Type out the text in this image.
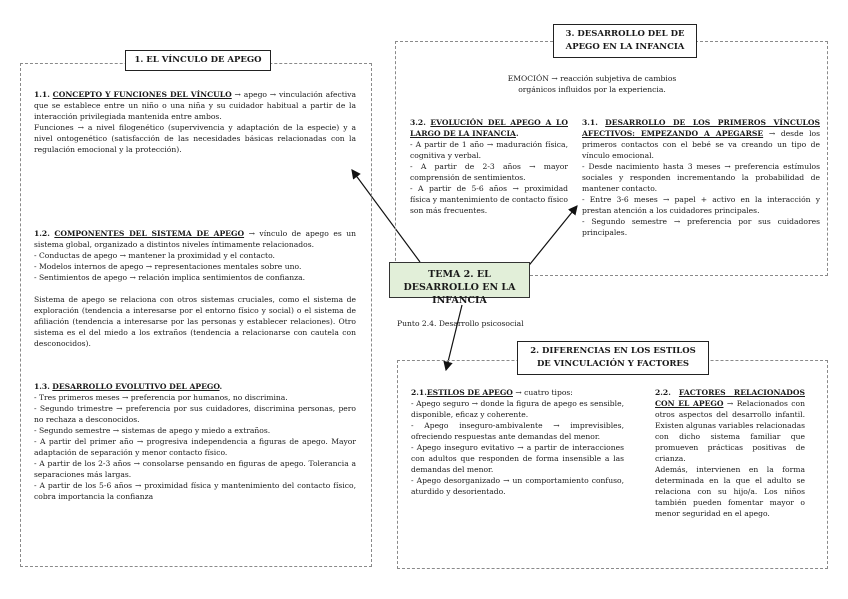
1. EL VÍNCULO DE APEGO

1.1. CONCEPTO Y FUNCIONES DEL VÍNCULO → apego → vinculación afectiva que se establece entre un niño o una niña y su cuidador habitual a partir de la interacción privilegiada mantenida entre ambos.

Funciones → a nivel filogenético (supervivencia y adaptación de la especie) y a nivel ontogenético (satisfacción de las necesidades básicas relacionadas con la regulación emocional y la protección).

1.2. COMPONENTES DEL SISTEMA DE APEGO → vínculo de apego es un sistema global, organizado a distintos niveles íntimamente relacionados.

- Conductas de apego → mantener la proximidad y el contacto.

- Modelos internos de apego → representaciones mentales sobre uno.

- Sentimientos de apego → relación implica sentimientos de confianza.

Sistema de apego se relaciona con otros sistemas cruciales, como el sistema de exploración (tendencia a interesarse por el entorno físico y social) o el sistema de afiliación (tendencia a interesarse por las personas y establecer relaciones). Otro sistema es el del miedo a los extraños (tendencia a relacionarse con cautela con desconocidos).

1.3. DESARROLLO EVOLUTIVO DEL APEGO.

- Tres primeros meses → preferencia por humanos, no discrimina.

- Segundo trimestre → preferencia por sus cuidadores, discrimina personas, pero no rechaza a desconocidos.

- Segundo semestre → sistemas de apego y miedo a extraños.

- A partir del primer año → progresiva independencia a figuras de apego. Mayor adaptación de separación y menor contacto físico.

- A partir de los 2-3 años → consolarse pensando en figuras de apego. Tolerancia a separaciones más largas.

- A partir de los 5-6 años → proximidad física y mantenimiento del contacto físico, cobra importancia la confianza

3. DESARROLLO DEL DE APEGO EN LA INFANCIA
EMOCIÓN → reacción subjetiva de cambios orgánicos influidos por la experiencia.

3.2. EVOLUCIÓN DEL APEGO A LO LARGO DE LA INFANCIA.

- A partir de 1 año → maduración física, cognitiva y verbal.

- A partir de 2-3 años → mayor comprensión de sentimientos.

- A partir de 5-6 años → proximidad física y mantenimiento de contacto físico son más frecuentes.

3.1. DESARROLLO DE LOS PRIMEROS VÍNCULOS AFECTIVOS: EMPEZANDO A APEGARSE → desde los primeros contactos con el bebé se va creando un tipo de vínculo emocional.

- Desde nacimiento hasta 3 meses → preferencia estímulos sociales y responden incrementando la probabilidad de mantener contacto.

- Entre 3-6 meses → papel + activo en la interacción y prestan atención a los cuidadores principales.

- Segundo semestre → preferencia por sus cuidadores principales.

TEMA 2. EL DESARROLLO EN LA INFANCIA
Punto 2.4. Desarrollo psicosocial
2. DIFERENCIAS EN LOS ESTILOS DE VINCULACIÓN Y FACTORES

2.1.ESTILOS DE APEGO → cuatro tipos:

- Apego seguro → donde la figura de apego es sensible, disponible, eficaz y coherente.

- Apego inseguro-ambivalente → imprevisibles, ofreciendo respuestas ante demandas del menor.

- Apego inseguro evitativo → a partir de interacciones con adultos que responden de forma insensible a las demandas del menor.

- Apego desorganizado → un comportamiento confuso, aturdido y desorientado.

2.2. FACTORES RELACIONADOS CON EL APEGO → Relacionados con otros aspectos del desarrollo infantil. Existen algunas variables relacionadas con dicho sistema familiar que promueven prácticas positivas de crianza.

Además, intervienen en la forma determinada en la que el adulto se relaciona con su hijo/a. Los niños también pueden fomentar mayor o menor seguridad en el apego.
